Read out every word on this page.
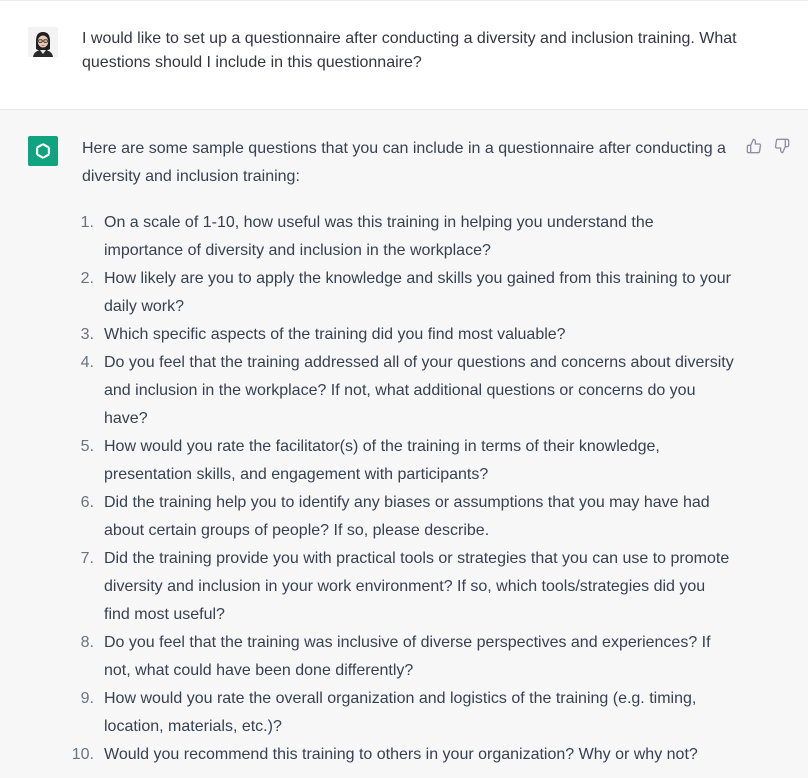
I would like to set up a questionnaire after conducting a diversity and inclusion training. What questions should I include in this questionnaire?

Here are some sample questions that you can include in a questionnaire after conducting a diversity and inclusion training:

1. On a scale of 1-10, how useful was this training in helping you understand the importance of diversity and inclusion in the workplace?
2. How likely are you to apply the knowledge and skills you gained from this training to your daily work?
3. Which specific aspects of the training did you find most valuable?
4. Do you feel that the training addressed all of your questions and concerns about diversity and inclusion in the workplace? If not, what additional questions or concerns do you have?
5. How would you rate the facilitator(s) of the training in terms of their knowledge, presentation skills, and engagement with participants?
6. Did the training help you to identify any biases or assumptions that you may have had about certain groups of people? If so, please describe.
7. Did the training provide you with practical tools or strategies that you can use to promote diversity and inclusion in your work environment? If so, which tools/strategies did you find most useful?
8. Do you feel that the training was inclusive of diverse perspectives and experiences? If not, what could have been done differently?
9. How would you rate the overall organization and logistics of the training (e.g. timing, location, materials, etc.)?
10. Would you recommend this training to others in your organization? Why or why not?
